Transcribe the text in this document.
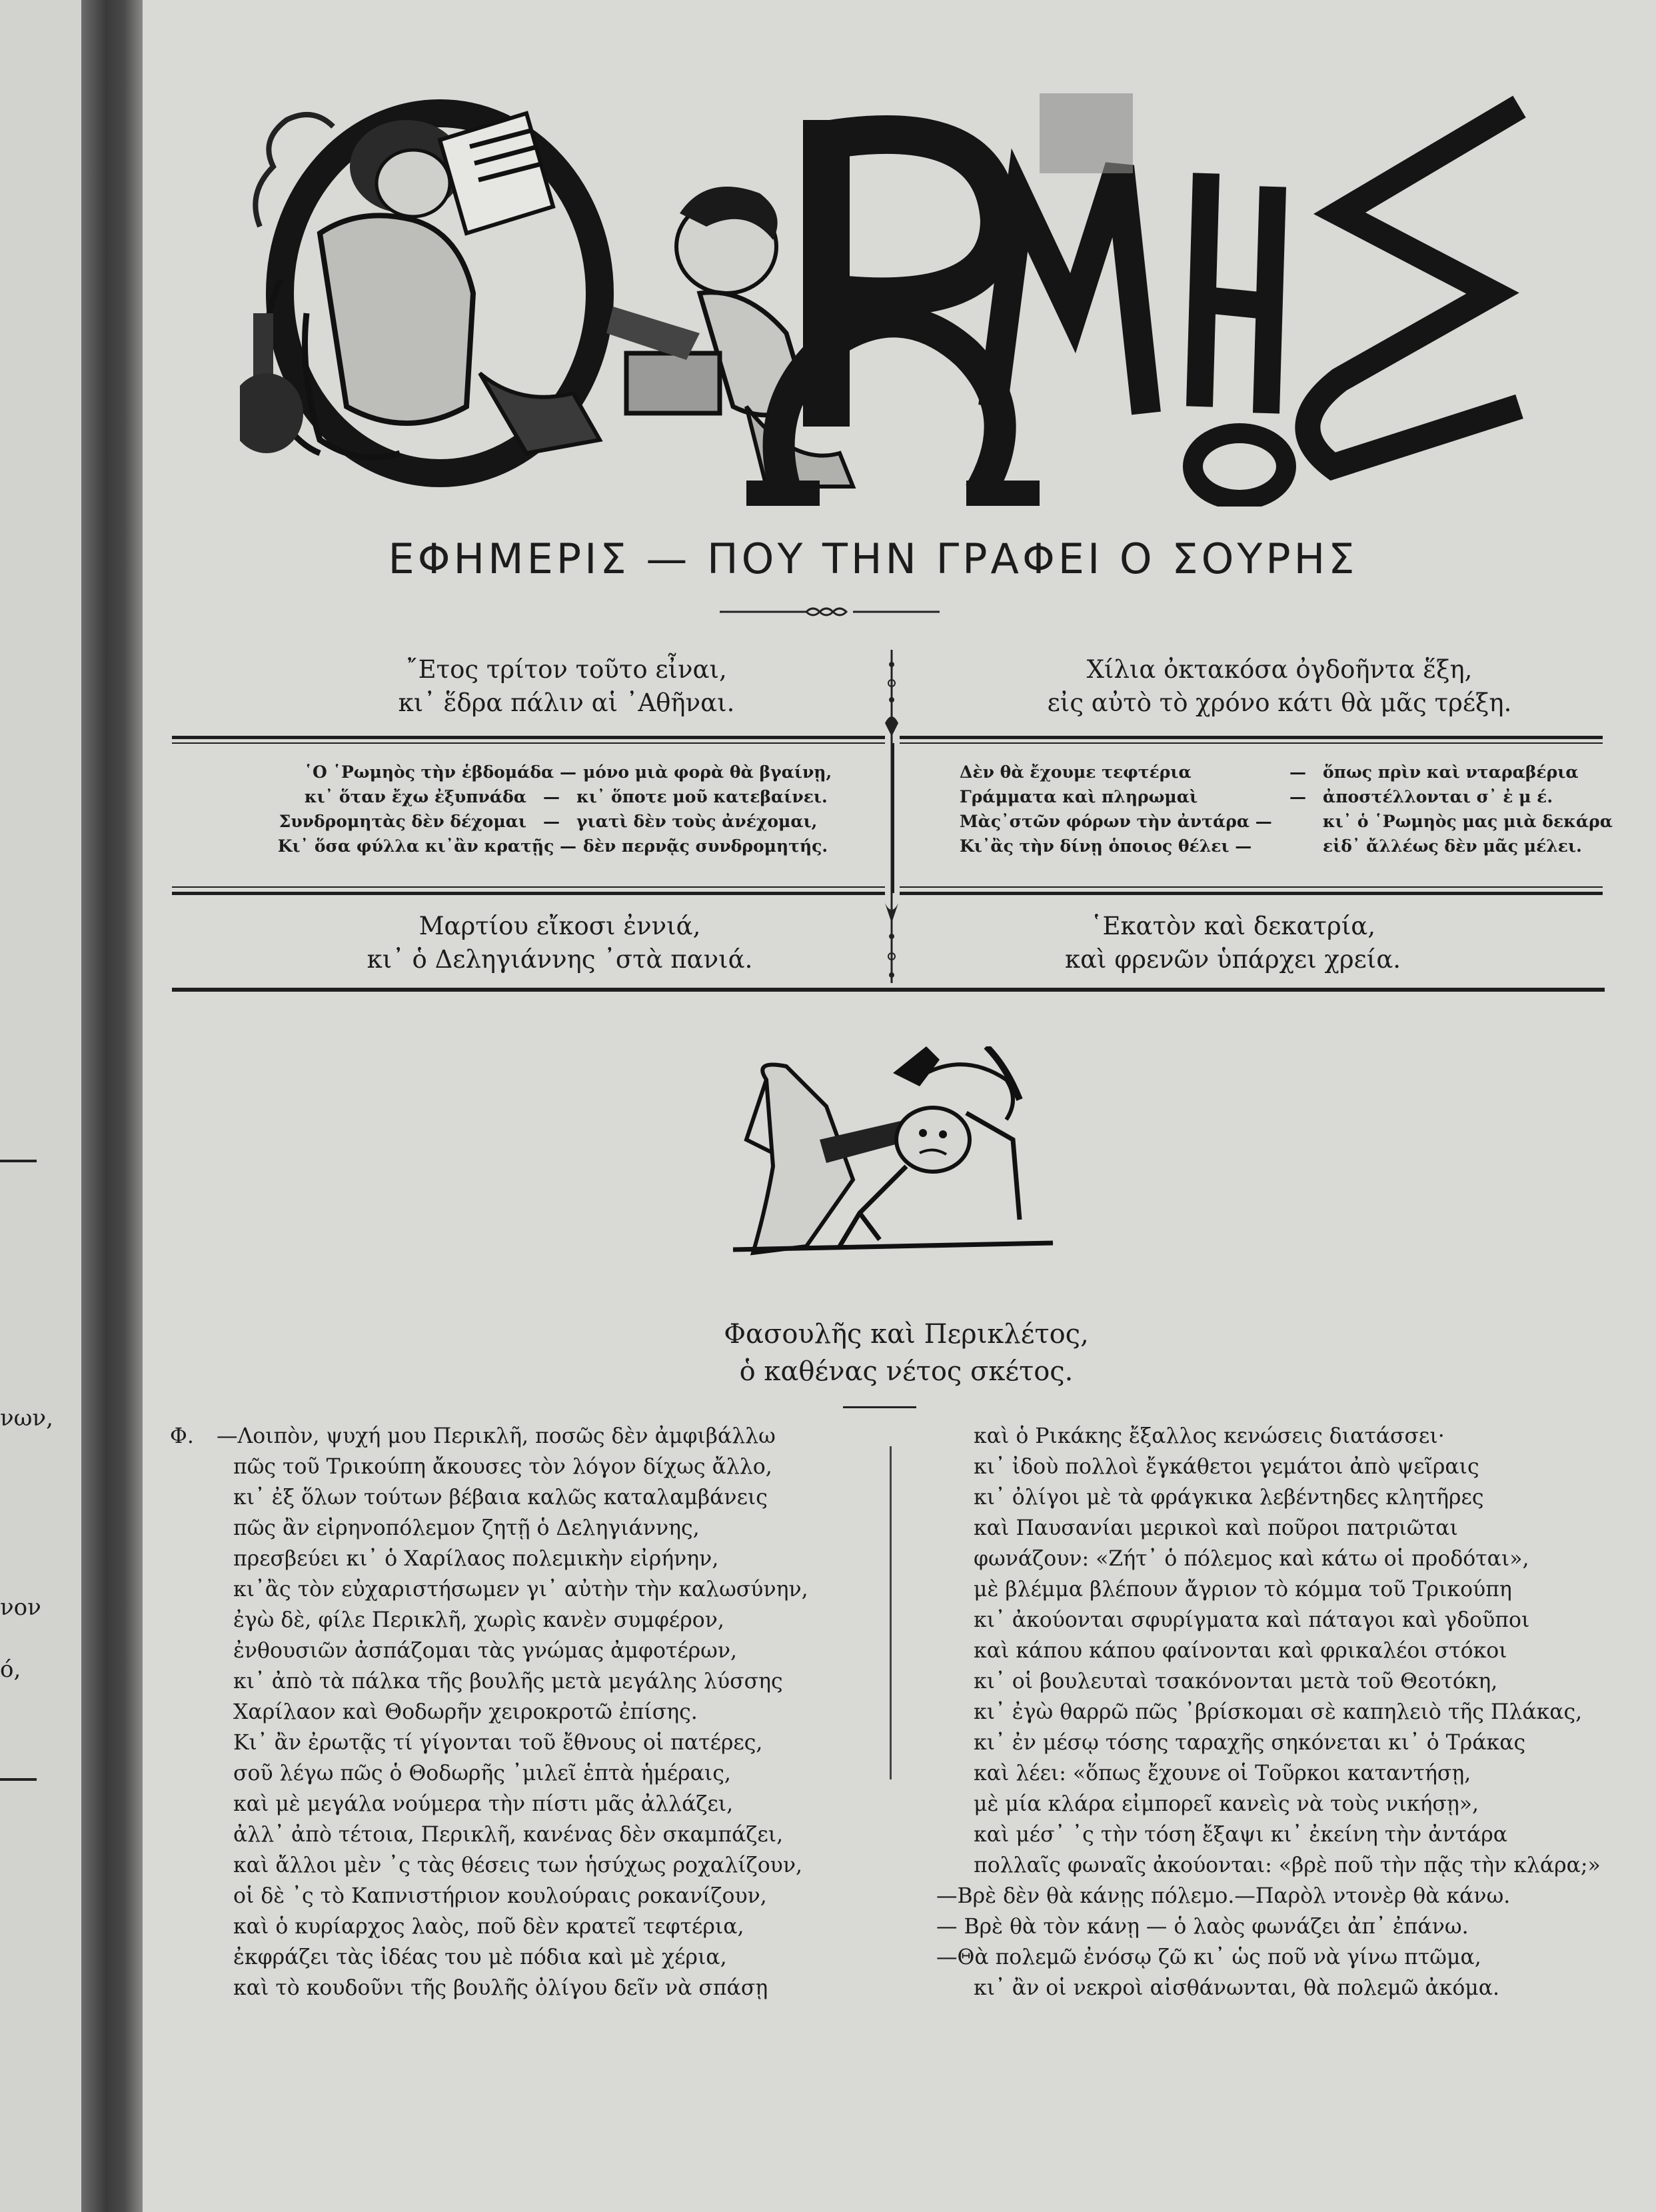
νων,
νον
ό,
ΕΦΗΜΕΡΙΣ — ΠΟΥ ΤΗΝ ΓΡΑΦΕΙ Ο ΣΟΥΡΗΣ
῎Ετος τρίτον τοῦτο εἶναι,
κι᾿ ἕδρα πάλιν αἱ ᾿Αθῆναι.
Χίλια ὀκτακόσα ὀγδοῆντα ἕξη,
εἰς αὐτὸ τὸ χρόνο κάτι θὰ μᾶς τρέξη.
῾Ο ῾Ρωμηὸς τὴν ἑβδομάδα — μόνο μιὰ φορὰ θὰ βγαίνῃ,
κι᾿ ὅταν ἔχω ἐξυπνάδα	—	κι᾿ ὅποτε μοῦ κατεβαίνει.
Συνδρομητὰς δὲν δέχομαι	—	γιατὶ δὲν τοὺς ἀνέχομαι,
Κι᾿ ὅσα φύλλα κι᾿ἂν κρατῇς — δὲν περνᾷς συνδρομητής.
Δὲν θὰ ἔχουμε τεφτέρια	—	ὅπως πρὶν καὶ νταραβέρια
Γράμματα καὶ πληρωμαὶ	—	ἀποστέλλονται σ᾿ ἐ μ έ.
Μὰς᾿στῶν φόρων τὴν ἀντάρα —	κι᾿ ὁ ῾Ρωμηὸς μας μιὰ δεκάρα
Κι᾿ἂς τὴν δίνῃ ὁποιος θέλει —	εἰδ᾿ ἄλλέως δὲν μᾶς μέλει.
Μαρτίου εἴκοσι ἐννιά,
κι᾿ ὁ Δεληγιάννης ᾿στὰ πανιά.
῾Εκατὸν καὶ δεκατρία,
καὶ φρενῶν ὑπάρχει χρεία.
Φασουλῆς καὶ Περικλέτος,
ὁ καθένας νέτος σκέτος.
Φ. —Λοιπὸν, ψυχή μου Περικλῆ, ποσῶς δὲν ἀμφιβάλλω
πῶς τοῦ Τρικούπη ἄκουσες τὸν λόγον δίχως ἄλλο,
κι᾿ ἐξ ὅλων τούτων βέβαια καλῶς καταλαμβάνεις
πῶς ἂν εἰρηνοπόλεμον ζητῇ ὁ Δεληγιάννης,
πρεσβεύει κι᾿ ὁ Χαρίλαος πολεμικὴν εἰρήνην,
κι᾿ἂς τὸν εὐχαριστήσωμεν γι᾿ αὐτὴν τὴν καλωσύνην,
ἐγὼ δὲ, φίλε Περικλῆ, χωρὶς κανὲν συμφέρον,
ἐνθουσιῶν ἀσπάζομαι τὰς γνώμας ἀμφοτέρων,
κι᾿ ἀπὸ τὰ πάλκα τῆς βουλῆς μετὰ μεγάλης λύσσης
Χαρίλαον καὶ Θοδωρῆν χειροκροτῶ ἐπίσης.
Κι᾿ ἂν ἐρωτᾷς τί γίγονται τοῦ ἔθνους οἱ πατέρες,
σοῦ λέγω πῶς ὁ Θοδωρῆς ᾿μιλεῖ ἑπτὰ ἡμέραις,
καὶ μὲ μεγάλα νούμερα τὴν πίστι μᾶς ἀλλάζει,
ἀλλ᾿ ἀπὸ τέτοια, Περικλῆ, κανένας δὲν σκαμπάζει,
καὶ ἄλλοι μὲν ᾿ς τὰς θέσεις των ἡσύχως ροχαλίζουν,
οἱ δὲ ᾿ς τὸ Καπνιστήριον κουλούραις ροκανίζουν,
καὶ ὁ κυρίαρχος λαὸς, ποῦ δὲν κρατεῖ τεφτέρια,
ἐκφράζει τὰς ἰδέας του μὲ πόδια καὶ μὲ χέρια,
καὶ τὸ κουδοῦνι τῆς βουλῆς ὀλίγου δεῖν νὰ σπάσῃ
καὶ ὁ Ρικάκης ἔξαλλος κενώσεις διατάσσει·
κι᾿ ἰδοὺ πολλοὶ ἔγκάθετοι γεμάτοι ἀπὸ ψεῖραις
κι᾿ ὀλίγοι μὲ τὰ φράγκικα λεβέντηδες κλητῆρες
καὶ Παυσανίαι μερικοὶ καὶ ποῦροι πατριῶται
φωνάζουν: «Ζήτ᾿ ὁ πόλεμος καὶ κάτω οἱ προδόται»,
μὲ βλέμμα βλέπουν ἄγριον τὸ κόμμα τοῦ Τρικούπη
κι᾿ ἀκούονται σφυρίγματα καὶ πάταγοι καὶ γδοῦποι
καὶ κάπου κάπου φαίνονται καὶ φρικαλέοι στόκοι
κι᾿ οἱ βουλευταὶ τσακόνονται μετὰ τοῦ Θεοτόκη,
κι᾿ ἐγὼ θαρρῶ πῶς ᾿βρίσκομαι σὲ καπηλειὸ τῆς Πλάκας,
κι᾿ ἐν μέσῳ τόσης ταραχῆς σηκόνεται κι᾿ ὁ Τράκας
καὶ λέει: «ὅπως ἔχουνε οἱ Τοῦρκοι καταντήσῃ,
μὲ μία κλάρα εἰμπορεῖ κανεὶς νὰ τοὺς νικήσῃ»,
καὶ μέσ᾿ ᾿ς τὴν τόση ἔξαψι κι᾿ ἐκείνη τὴν ἀντάρα
πολλαῖς φωναῖς ἀκούονται: «βρὲ ποῦ τὴν πᾷς τὴν κλάρα;»
—Βρὲ δὲν θὰ κάνῃς πόλεμο.—Παρὸλ ντονὲρ θὰ κάνω.
— Βρὲ θὰ τὸν κάνῃ — ὁ λαὸς φωνάζει ἀπ᾿ ἐπάνω.
—Θὰ πολεμῶ ἐνόσῳ ζῶ κι᾿ ὡς ποῦ νὰ γίνω πτῶμα,
κι᾿ ἂν οἱ νεκροὶ αἰσθάνωνται, θὰ πολεμῶ ἀκόμα.
Ο ΡΩΜΗΟΣ
